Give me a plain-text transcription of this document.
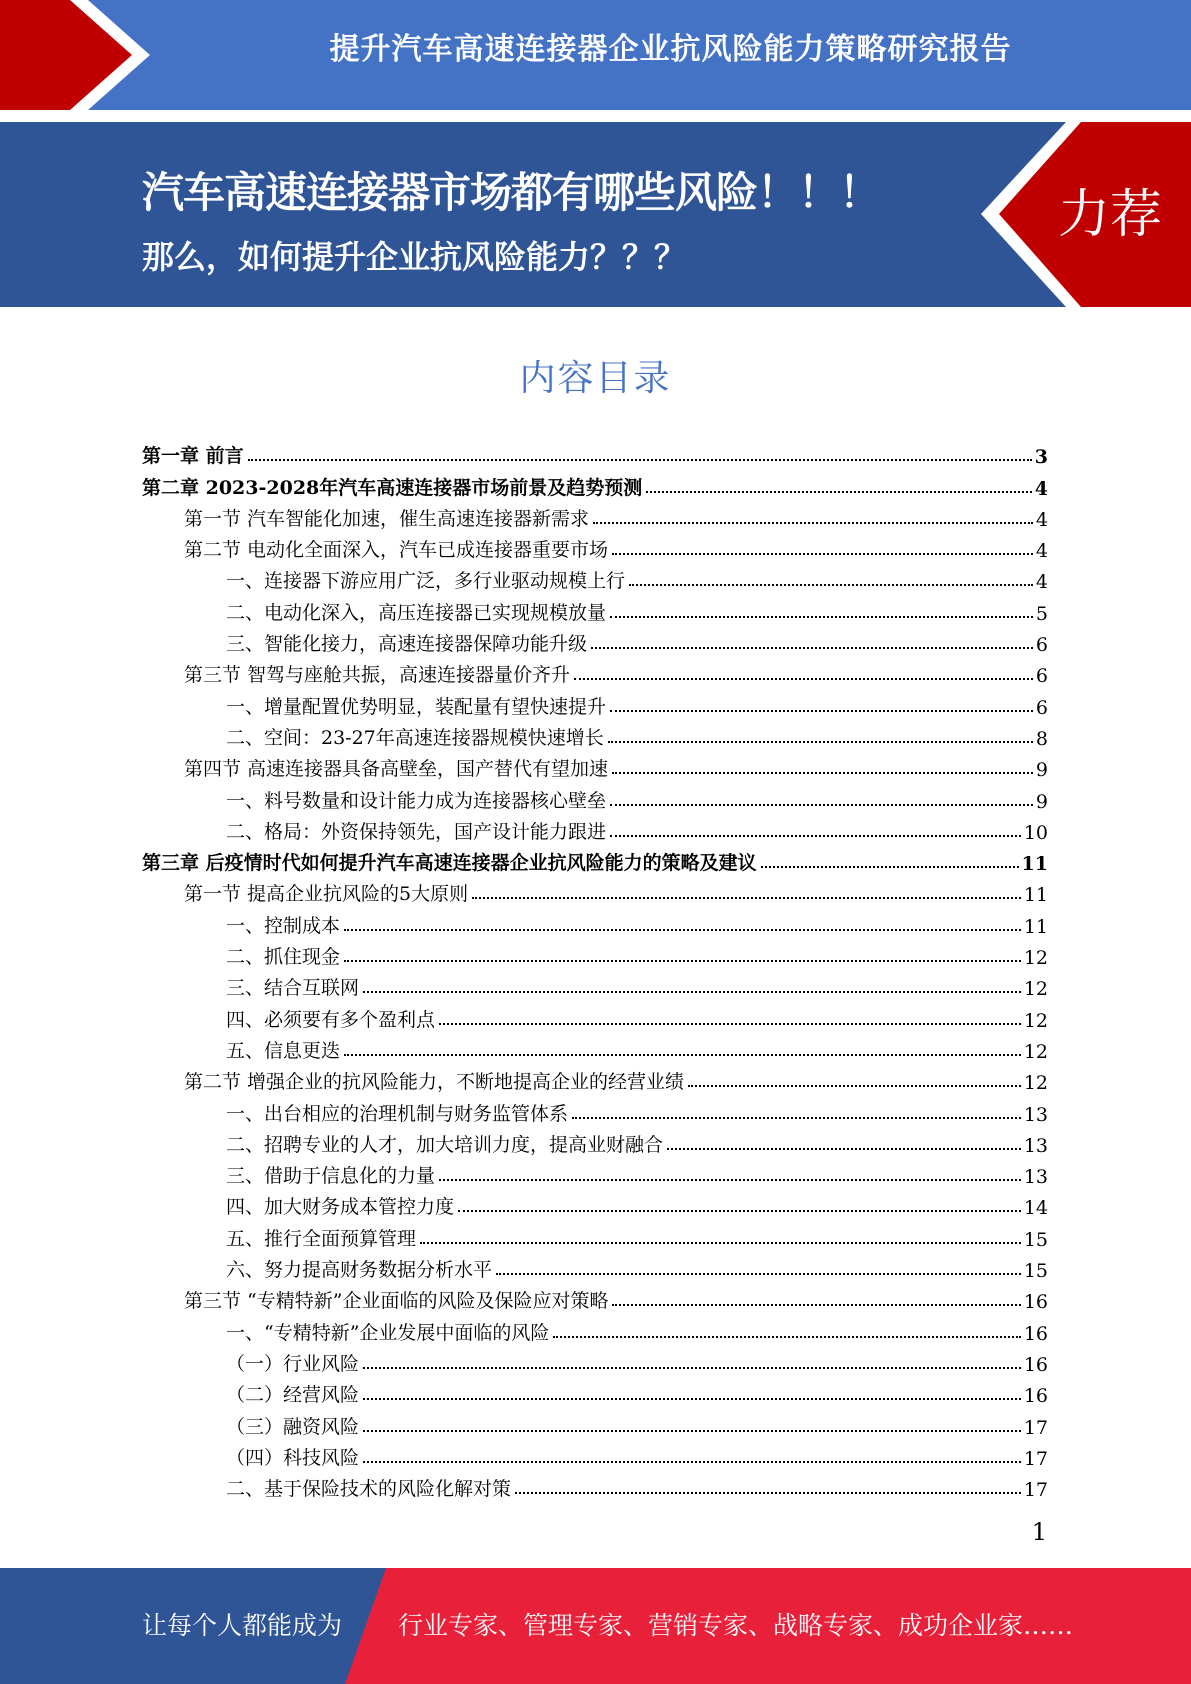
提升汽车高速连接器企业抗风险能力策略研究报告
汽车高速连接器市场都有哪些风险！！！
那么，如何提升企业抗风险能力？？？
力荐
内容目录
第一章 前言	3
第二章 2023-2028年汽车高速连接器市场前景及趋势预测	4
第一节 汽车智能化加速，催生高速连接器新需求	4
第二节 电动化全面深入，汽车已成连接器重要市场	4
一、连接器下游应用广泛，多行业驱动规模上行	4
二、电动化深入，高压连接器已实现规模放量	5
三、智能化接力，高速连接器保障功能升级	6
第三节 智驾与座舱共振，高速连接器量价齐升	6
一、增量配置优势明显，装配量有望快速提升	6
二、空间：23-27年高速连接器规模快速增长	8
第四节 高速连接器具备高壁垒，国产替代有望加速	9
一、料号数量和设计能力成为连接器核心壁垒	9
二、格局：外资保持领先，国产设计能力跟进	10
第三章 后疫情时代如何提升汽车高速连接器企业抗风险能力的策略及建议	11
第一节 提高企业抗风险的5大原则	11
一、控制成本	11
二、抓住现金	12
三、结合互联网	12
四、必须要有多个盈利点	12
五、信息更迭	12
第二节 增强企业的抗风险能力，不断地提高企业的经营业绩	12
一、出台相应的治理机制与财务监管体系	13
二、招聘专业的人才，加大培训力度，提高业财融合	13
三、借助于信息化的力量	13
四、加大财务成本管控力度	14
五、推行全面预算管理	15
六、努力提高财务数据分析水平	15
第三节 “专精特新”企业面临的风险及保险应对策略	16
一、“专精特新”企业发展中面临的风险	16
（一）行业风险	16
（二）经营风险	16
（三）融资风险	17
（四）科技风险	17
二、基于保险技术的风险化解对策	17
1
让每个人都能成为 行业专家、管理专家、营销专家、战略专家、成功企业家……
